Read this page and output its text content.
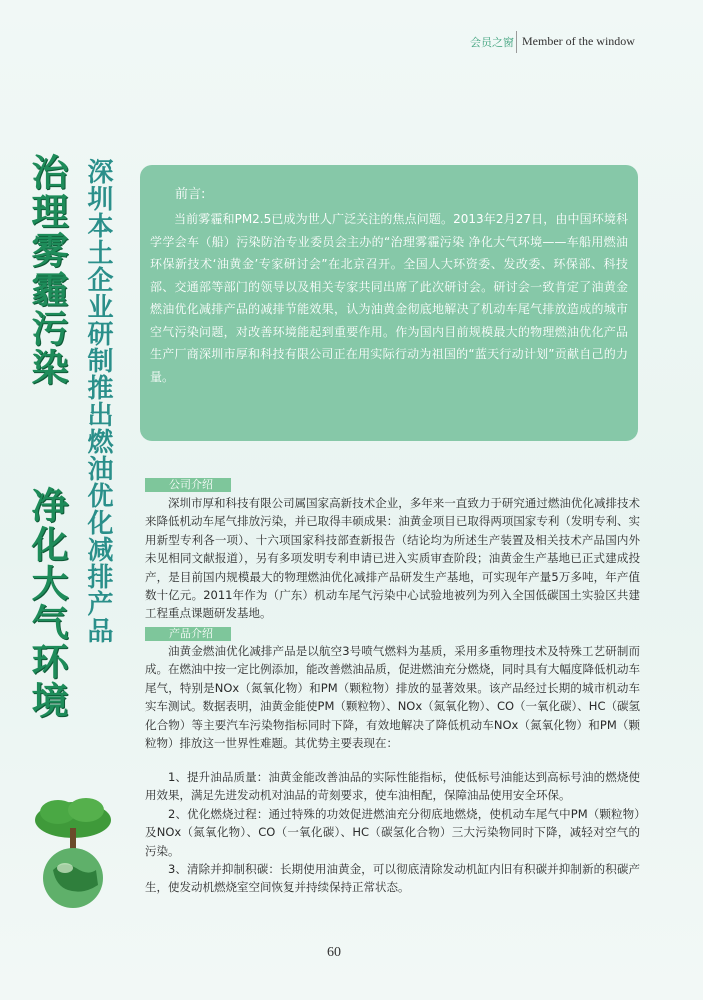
会员之窗 Member of the window
治理雾霾污染
净化大气环境 深圳本土企业研制推出燃油优化减排产品	前言:
当前雾霾和PM2.5已成为世人广泛关注的焦点问题。2013年2月27日，由中国环境科学学会车（船）污染防治专业委员会主办的“治理雾霾污染 净化大气环境——车船用燃油环保新技术‘油黄金’专家研讨会”在北京召开。全国人大环资委、发改委、环保部、科技部、交通部等部门的领导以及相关专家共同出席了此次研讨会。研讨会一致肯定了油黄金燃油优化减排产品的减排节能效果，认为油黄金彻底地解决了机动车尾气排放造成的城市空气污染问题，对改善环境能起到重要作用。作为国内目前规模最大的物理燃油优化产品生产厂商深圳市厚和科技有限公司正在用实际行动为祖国的“蓝天行动计划”贡献自己的力量。
公司介绍
深圳市厚和科技有限公司属国家高新技术企业，多年来一直致力于研究通过燃油优化减排技术来降低机动车尾气排放污染，并已取得丰硕成果：油黄金项目已取得两项国家专利（发明专利、实用新型专利各一项）、十六项国家科技部查新报告（结论均为所述生产装置及相关技术产品国内外未见相同文献报道），另有多项发明专利申请已进入实质审查阶段；油黄金生产基地已正式建成投产，是目前国内规模最大的物理燃油优化减排产品研发生产基地，可实现年产量5万多吨，年产值数十亿元。2011年作为（广东）机动车尾气污染中心试验地被列为列入全国低碳国土实验区共建工程重点课题研发基地。
产品介绍
油黄金燃油优化减排产品是以航空3号喷气燃料为基质，采用多重物理技术及特殊工艺研制而成。在燃油中按一定比例添加，能改善燃油品质，促进燃油充分燃烧，同时具有大幅度降低机动车尾气，特别是NOx（氮氧化物）和PM（颗粒物）排放的显著效果。该产品经过长期的城市机动车实车测试。数据表明，油黄金能使PM（颗粒物）、NOx（氮氧化物）、CO（一氧化碳）、HC（碳氢化合物）等主要汽车污染物指标同时下降，有效地解决了降低机动车NOx（氮氧化物）和PM（颗粒物）排放这一世界性难题。其优势主要表现在：
1、提升油品质量：油黄金能改善油品的实际性能指标，使低标号油能达到高标号油的燃烧使用效果，满足先进发动机对油品的苛刻要求，使车油相配，保障油品使用安全环保。
2、优化燃烧过程：通过特殊的功效促进燃油充分彻底地燃烧，使机动车尾气中PM（颗粒物）及NOx（氮氧化物）、CO（一氧化碳）、HC（碳氢化合物）三大污染物同时下降，减轻对空气的污染。
3、清除并抑制积碳：长期使用油黄金，可以彻底清除发动机缸内旧有积碳并抑制新的积碳产生，使发动机燃烧室空间恢复并持续保持正常状态。
60
